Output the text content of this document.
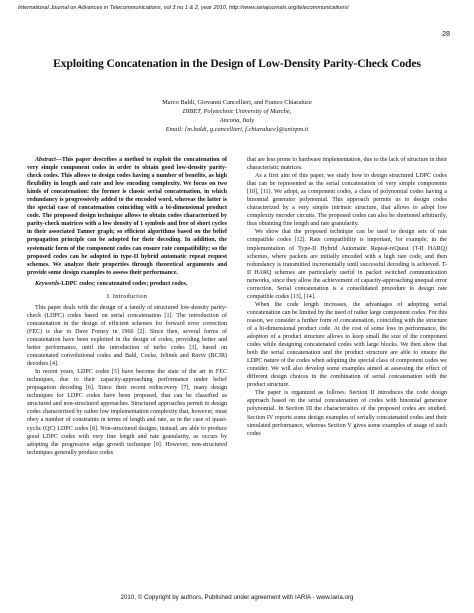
International Journal on Advances in Telecommunications, vol 3 no 1 & 2, year 2010, http://www.iariajournals.org/telecommunications/
28
Exploiting Concatenation in the Design of Low-Density Parity-Check Codes
Marco Baldi, Giovanni Cancellieri, and Franco Chiaraluce
DIBET, Polytechnic University of Marche,
Ancona, Italy
Email: {m.baldi, g.cancellieri, f.chiaraluce}@univpm.it

Abstract—This paper describes a method to exploit the concatenation of very simple component codes in order to obtain good low-density parity-check codes. This allows to design codes having a number of benefits, as high flexibility in length and rate and low encoding complexity. We focus on two kinds of concatenation: the former is classic serial concatenation, in which redundancy is progressively added to the encoded word, whereas the latter is the special case of concatenation coinciding with a bi-dimensional product code. The proposed design technique allows to obtain codes characterized by parity-check matrices with a low density of 1 symbols and free of short cycles in their associated Tanner graph; so efficient algorithms based on the belief propagation principle can be adopted for their decoding. In addition, the systematic form of the component codes can ensure rate compatibility; so the proposed codes can be adopted in type-II hybrid automatic repeat request schemes. We analyze their properties through theoretical arguments and provide some design examples to assess their performance.

Keywords-LDPC codes; concatenated codes; product codes.

I. Introduction

This paper deals with the design of a family of structured low-density parity-check (LDPC) codes based on serial concatenation [1]. The introduction of concatenation in the design of efficient schemes for forward error correction (FEC) is due to Dave Forney in 1966 [2]. Since then, several forms of concatenation have been exploited in the design of codes, providing better and better performance, until the introduction of turbo codes [3], based on concatenated convolutional codes and Bahl, Cocke, Jelinek and Raviv (BCJR) decoders [4].

In recent years, LDPC codes [5] have become the state of the art in FEC techniques, due to their capacity-approaching performance under belief propagation decoding [6]. Since their recent rediscovery [7], many design techniques for LDPC codes have been proposed, that can be classified as structured and non-structured approaches. Structured approaches permit to design codes characterized by rather low implementation complexity that, however, must obey a number of constraints in terms of length and rate, as in the case of quasi-cyclic (QC) LDPC codes [8]. Non-structured designs, instead, are able to produce good LDPC codes with very fine length and rate granularity, as occurs by adopting the progressive edge growth technique [9]. However, non-structured techniques generally produce codes

that are less prone to hardware implementation, due to the lack of structure in their characteristic matrices.

As a first aim of this paper, we study how to design structured LDPC codes that can be represented as the serial concatenation of very simple components [10], [11]. We adopt, as component codes, a class of polynomial codes having a binomial generator polynomial. This approach permits us to design codes characterized by a very simple intrinsic structure, that allows to adopt low complexity encoder circuits. The proposed codes can also be shortened arbitrarily, thus obtaining fine length and rate granularity.

We show that the proposed technique can be used to design sets of rate compatible codes [12]. Rate compatibility is important, for example, in the implementation of Type-II Hybrid Automatic Repeat-reQuest (T-II HARQ) schemes, where packets are initially encoded with a high rate code, and then redundancy is transmitted incrementally until successful decoding is achieved. T-II HARQ schemes are particularly useful in packet switched communication networks, since they allow the achievement of capacity-approaching unequal error correction. Serial concatenation is a consolidated procedure to design rate compatible codes [13], [14].

When the code length increases, the advantages of adopting serial concatenation can be limited by the need of rather large component codes. For this reason, we consider a further form of concatenation, coinciding with the structure of a bi-dimensional product code. At the cost of some loss in performance, the adoption of a product structure allows to keep small the size of the component codes while designing concatenated codes with large blocks. We then show that both the serial concatenation and the product structure are able to ensure the LDPC nature of the codes when adopting the special class of component codes we consider. We will also develop some examples aimed at assessing the effect of different design choices in the combination of serial concatenation with the product structure.

The paper is organized as follows. Section II introduces the code design approach based on the serial concatenation of codes with binomial generator polynomial. In Section III the characteristics of the proposed codes are studied. Section IV reports some design examples of serially concatenated codes and their simulated performance, whereas Section V gives some examples of usage of such codes

2010, © Copyright by authors, Published under agreement with IARIA - www.iaria.org
